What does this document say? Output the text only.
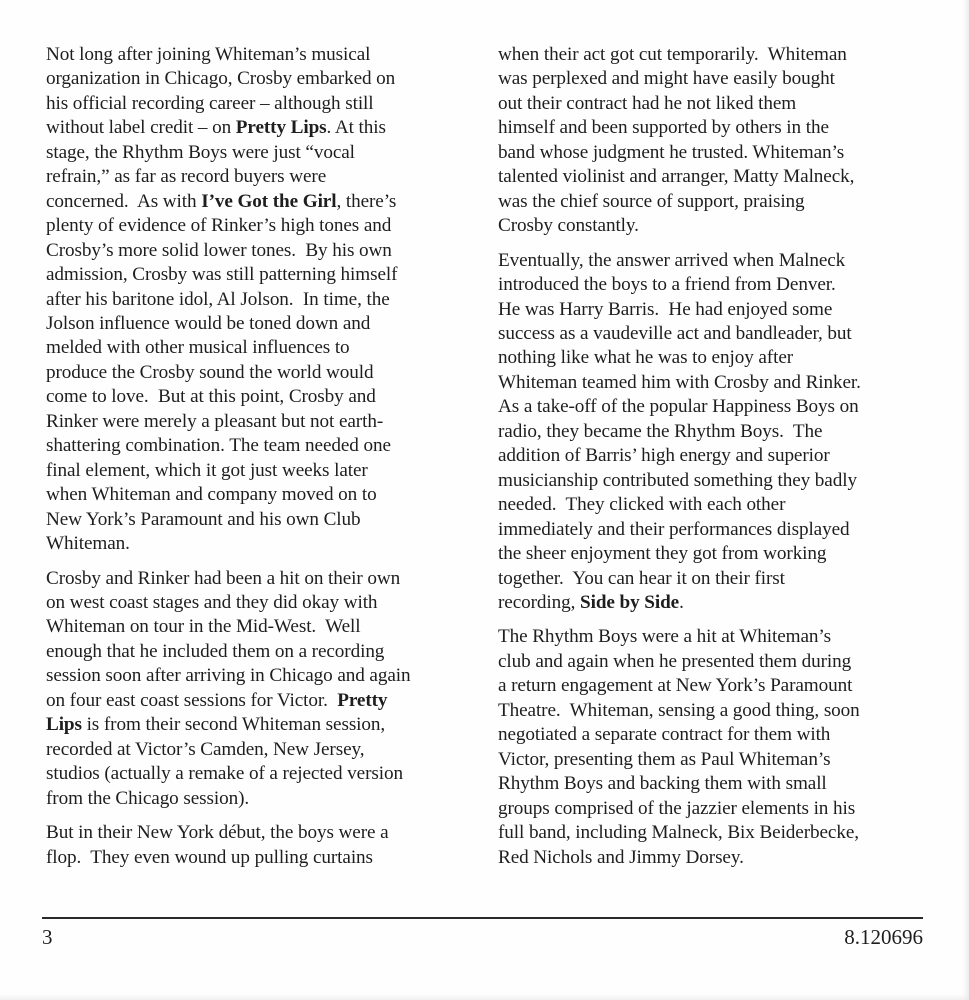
Not long after joining Whiteman’s musical
organization in Chicago, Crosby embarked on
his official recording career – although still
without label credit – on Pretty Lips. At this
stage, the Rhythm Boys were just “vocal
refrain,” as far as record buyers were
concerned.  As with I’ve Got the Girl, there’s
plenty of evidence of Rinker’s high tones and
Crosby’s more solid lower tones.  By his own
admission, Crosby was still patterning himself
after his baritone idol, Al Jolson.  In time, the
Jolson influence would be toned down and
melded with other musical influences to
produce the Crosby sound the world would
come to love.  But at this point, Crosby and
Rinker were merely a pleasant but not earth-
shattering combination. The team needed one
final element, which it got just weeks later
when Whiteman and company moved on to
New York’s Paramount and his own Club
Whiteman.

Crosby and Rinker had been a hit on their own
on west coast stages and they did okay with
Whiteman on tour in the Mid-West.  Well
enough that he included them on a recording
session soon after arriving in Chicago and again
on four east coast sessions for Victor.  Pretty
Lips is from their second Whiteman session,
recorded at Victor’s Camden, New Jersey,
studios (actually a remake of a rejected version
from the Chicago session).

But in their New York début, the boys were a
flop.  They even wound up pulling curtains

when their act got cut temporarily.  Whiteman
was perplexed and might have easily bought
out their contract had he not liked them
himself and been supported by others in the
band whose judgment he trusted. Whiteman’s
talented violinist and arranger, Matty Malneck,
was the chief source of support, praising
Crosby constantly.

Eventually, the answer arrived when Malneck
introduced the boys to a friend from Denver.
He was Harry Barris.  He had enjoyed some
success as a vaudeville act and bandleader, but
nothing like what he was to enjoy after
Whiteman teamed him with Crosby and Rinker.
As a take-off of the popular Happiness Boys on
radio, they became the Rhythm Boys.  The
addition of Barris’ high energy and superior
musicianship contributed something they badly
needed.  They clicked with each other
immediately and their performances displayed
the sheer enjoyment they got from working
together.  You can hear it on their first
recording, Side by Side.

The Rhythm Boys were a hit at Whiteman’s
club and again when he presented them during
a return engagement at New York’s Paramount
Theatre.  Whiteman, sensing a good thing, soon
negotiated a separate contract for them with
Victor, presenting them as Paul Whiteman’s
Rhythm Boys and backing them with small
groups comprised of the jazzier elements in his
full band, including Malneck, Bix Beiderbecke,
Red Nichols and Jimmy Dorsey.

3	8.120696
